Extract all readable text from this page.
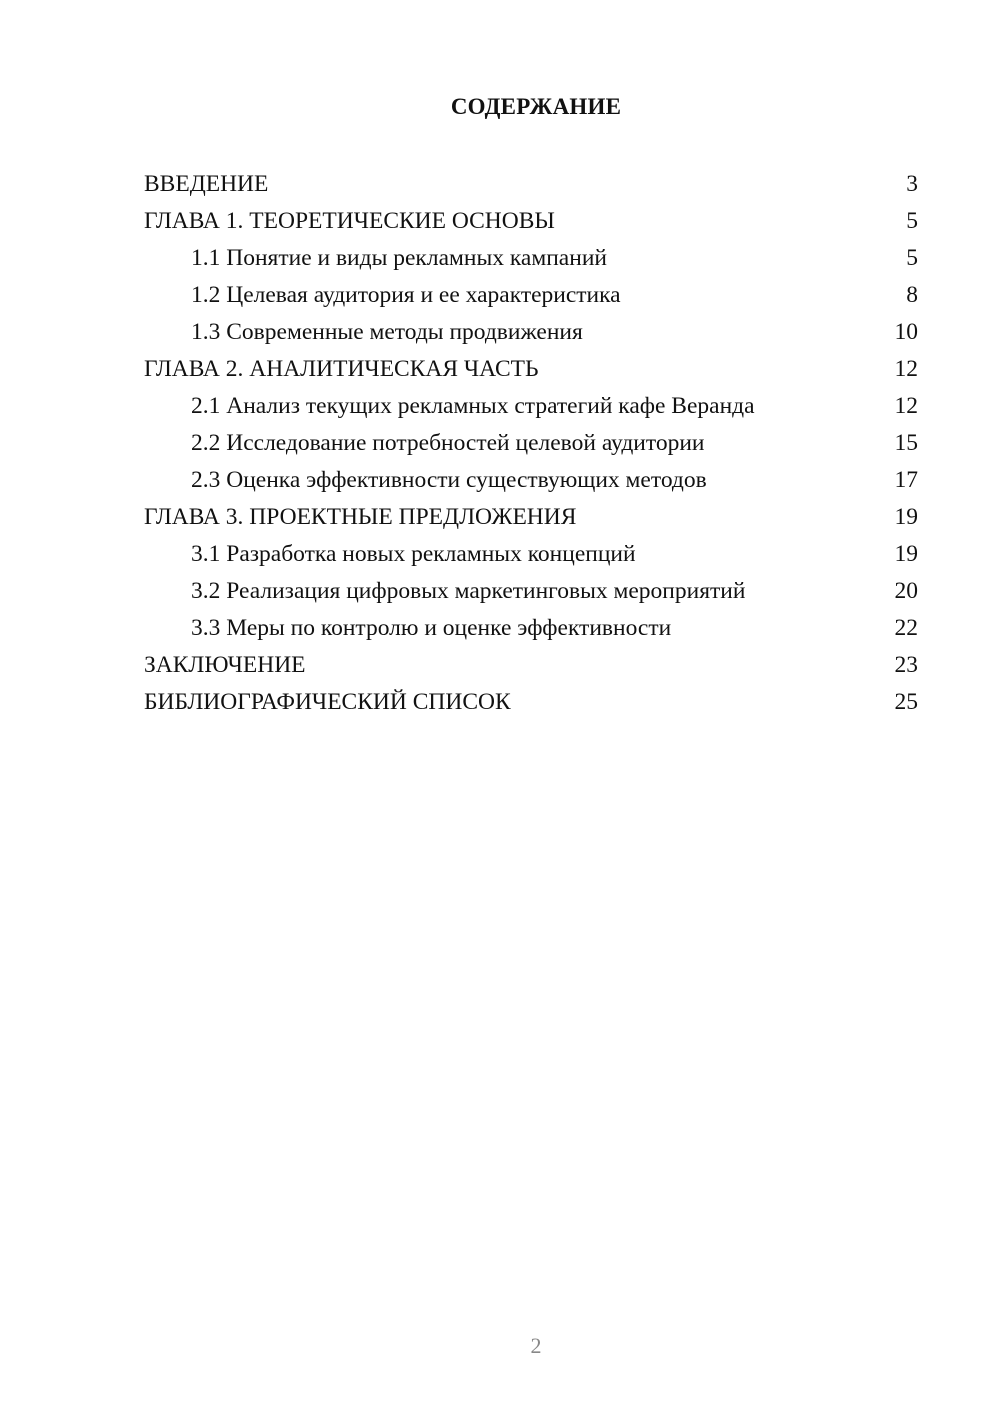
СОДЕРЖАНИЕ
ВВЕДЕНИЕ	3
ГЛАВА 1. ТЕОРЕТИЧЕСКИЕ ОСНОВЫ	5
1.1 Понятие и виды рекламных кампаний	5
1.2 Целевая аудитория и ее характеристика	8
1.3 Современные методы продвижения	10
ГЛАВА 2. АНАЛИТИЧЕСКАЯ ЧАСТЬ	12
2.1 Анализ текущих рекламных стратегий кафе Веранда	12
2.2 Исследование потребностей целевой аудитории	15
2.3 Оценка эффективности существующих методов	17
ГЛАВА 3. ПРОЕКТНЫЕ ПРЕДЛОЖЕНИЯ	19
3.1 Разработка новых рекламных концепций	19
3.2 Реализация цифровых маркетинговых мероприятий	20
3.3 Меры по контролю и оценке эффективности	22
ЗАКЛЮЧЕНИЕ	23
БИБЛИОГРАФИЧЕСКИЙ СПИСОК	25
2
